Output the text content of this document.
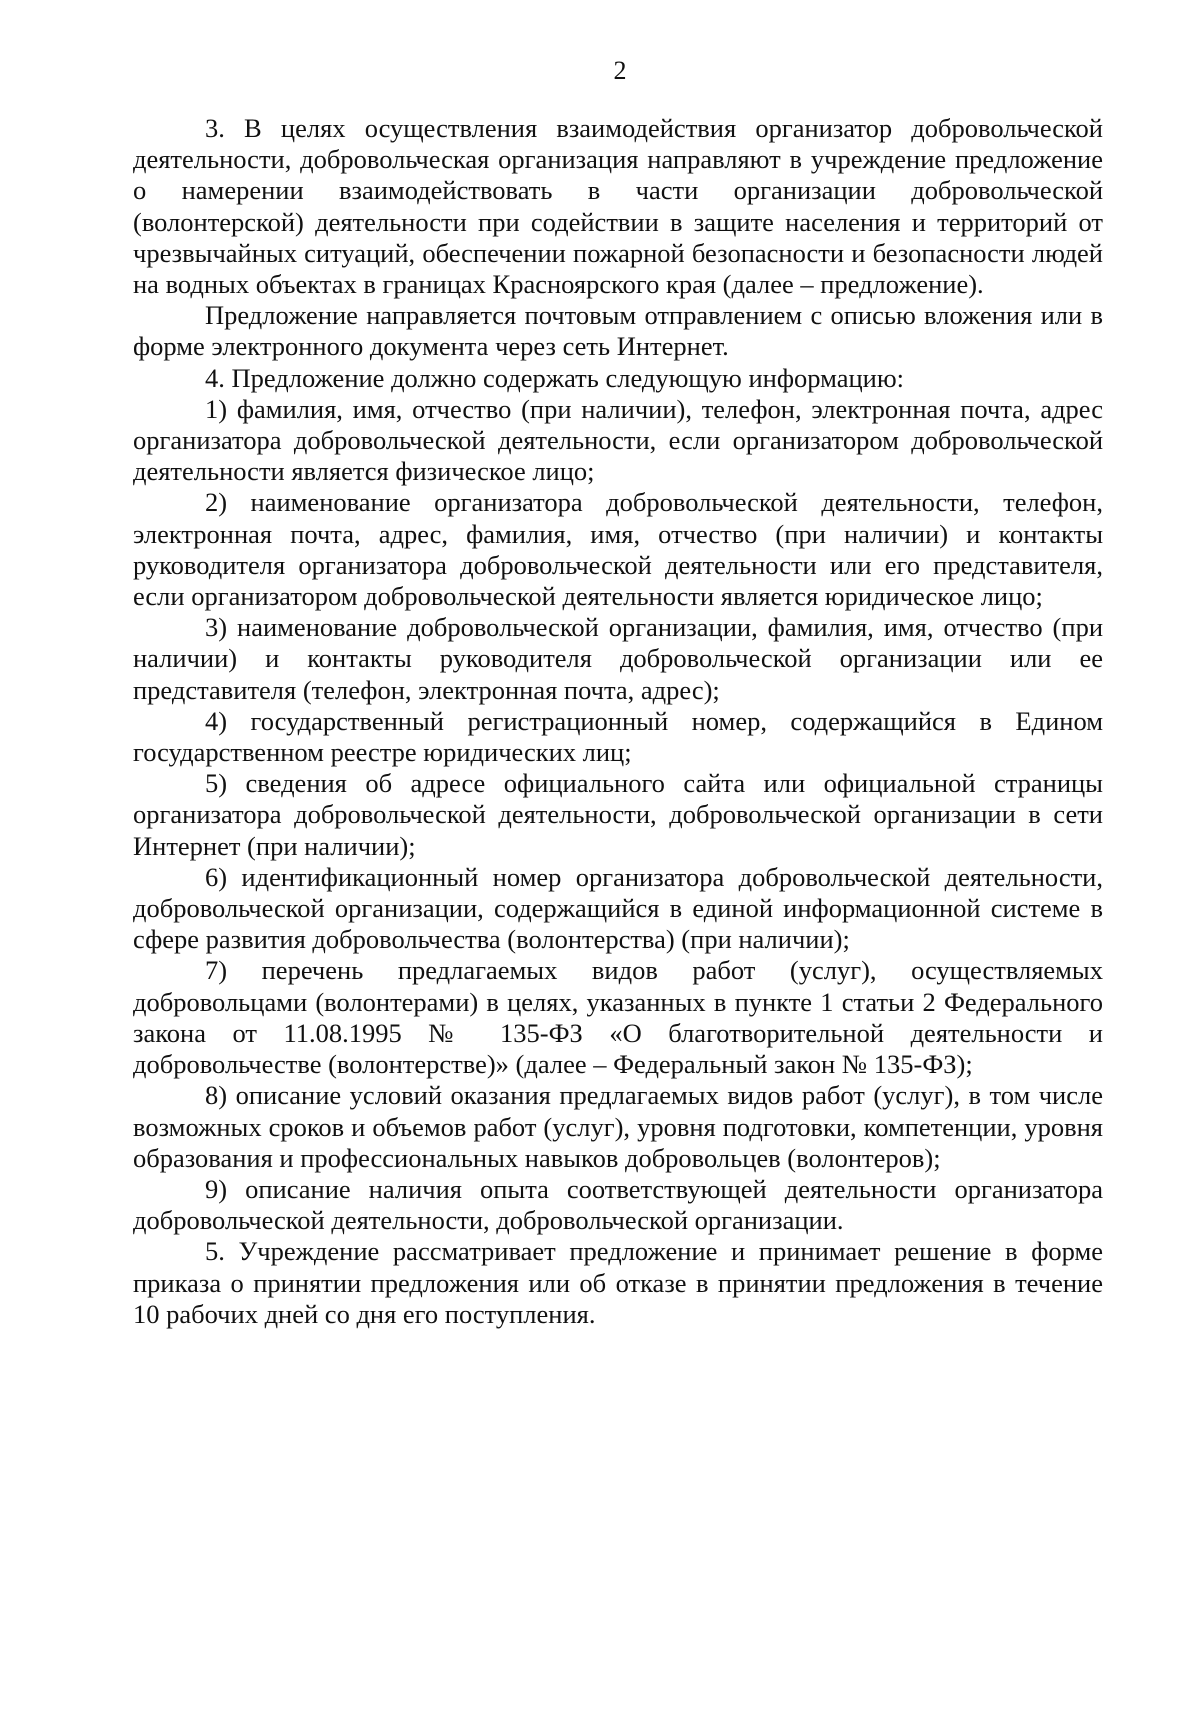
2

3. В целях осуществления взаимодействия организатор добровольческой деятельности, добровольческая организация направляют в учреждение предложение о намерении взаимодействовать в части организации добровольческой (волонтерской) деятельности при содействии в защите населения и территорий от чрезвычайных ситуаций, обеспечении пожарной безопасности и безопасности людей на водных объектах в границах Красноярского края (далее – предложение).

Предложение направляется почтовым отправлением с описью вложения или в форме электронного документа через сеть Интернет.

4. Предложение должно содержать следующую информацию:

1) фамилия, имя, отчество (при наличии), телефон, электронная почта, адрес организатора добровольческой деятельности, если организатором добровольческой деятельности является физическое лицо;

2) наименование организатора добровольческой деятельности, телефон, электронная почта, адрес, фамилия, имя, отчество (при наличии) и контакты руководителя организатора добровольческой деятельности или его представителя, если организатором добровольческой деятельности является юридическое лицо;

3) наименование добровольческой организации, фамилия, имя, отчество (при наличии) и контакты руководителя добровольческой организации или ее представителя (телефон, электронная почта, адрес);

4) государственный регистрационный номер, содержащийся в Едином государственном реестре юридических лиц;

5) сведения об адресе официального сайта или официальной страницы организатора добровольческой деятельности, добровольческой организации в сети Интернет (при наличии);

6) идентификационный номер организатора добровольческой деятельности, добровольческой организации, содержащийся в единой информационной системе в сфере развития добровольчества (волонтерства) (при наличии);

7) перечень предлагаемых видов работ (услуг), осуществляемых добровольцами (волонтерами) в целях, указанных в пункте 1 статьи 2 Федерального закона от 11.08.1995 № 135-ФЗ «О благотворительной деятельности и добровольчестве (волонтерстве)» (далее – Федеральный закон № 135-ФЗ);

8) описание условий оказания предлагаемых видов работ (услуг), в том числе возможных сроков и объемов работ (услуг), уровня подготовки, компетенции, уровня образования и профессиональных навыков добровольцев (волонтеров);

9) описание наличия опыта соответствующей деятельности организатора добровольческой деятельности, добровольческой организации.

5. Учреждение рассматривает предложение и принимает решение в форме приказа о принятии предложения или об отказе в принятии предложения в течение 10 рабочих дней со дня его поступления.
